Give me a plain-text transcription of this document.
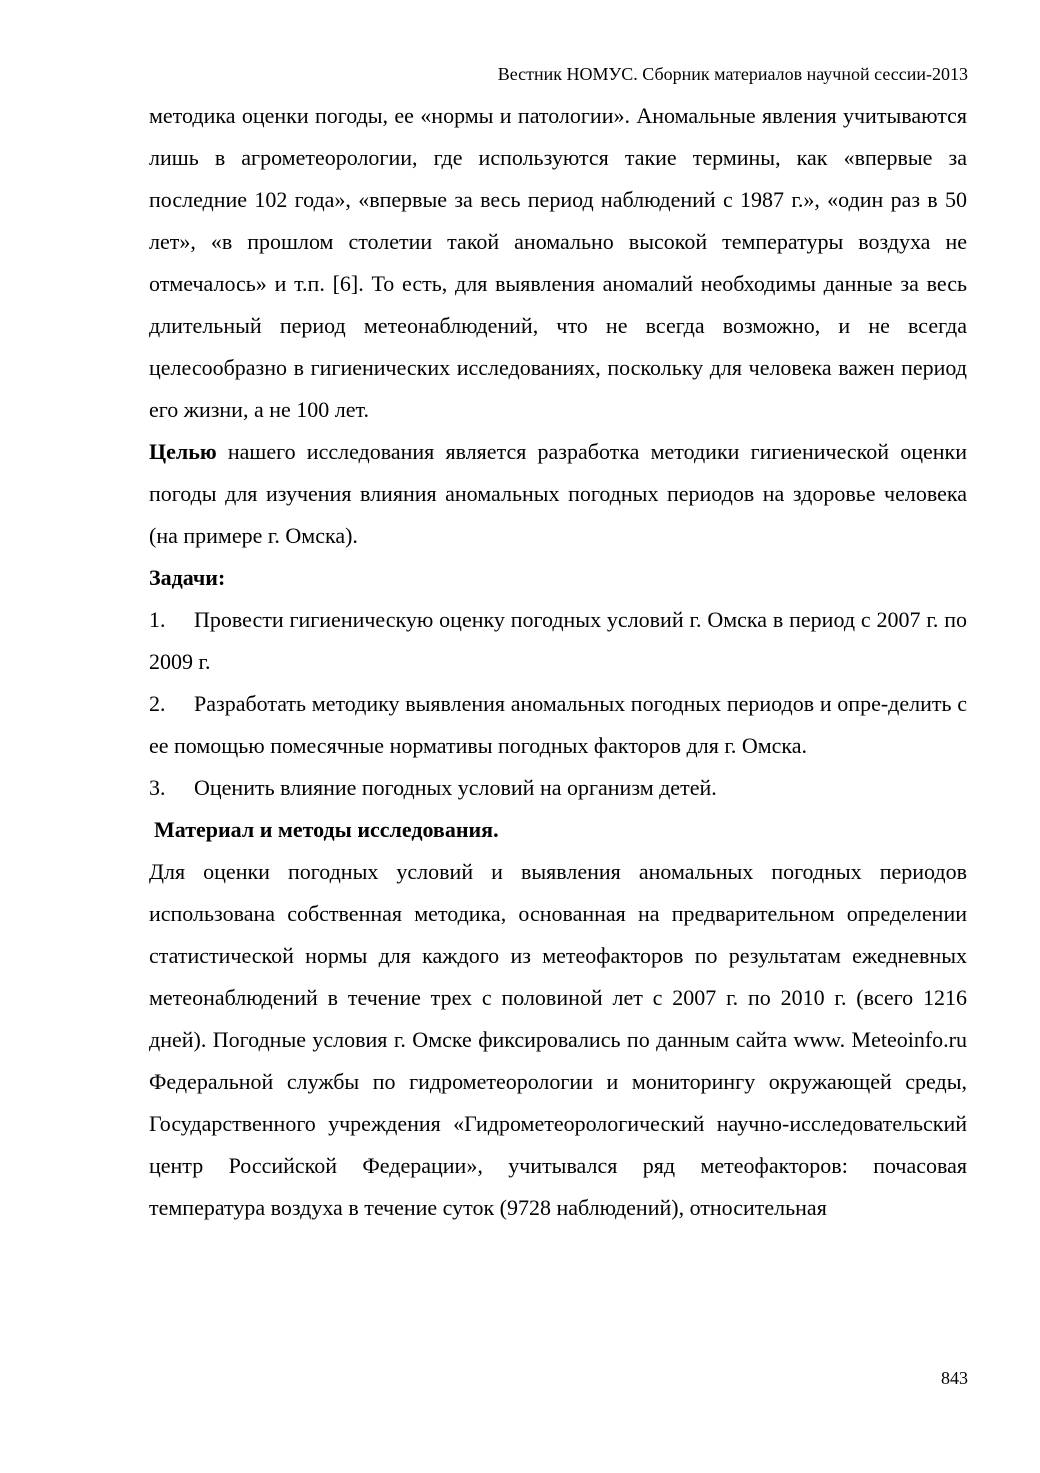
Вестник НОМУС. Сборник материалов научной сессии-2013

методика оценки погоды, ее «нормы и патологии». Аномальные явления учитываются лишь в агрометеорологии, где используются такие термины, как «впервые за последние 102 года», «впервые за весь период наблюдений с 1987 г.», «один раз в 50 лет», «в прошлом столетии такой аномально высокой температуры воздуха не отмечалось» и т.п. [6]. То есть, для выявления аномалий необходимы данные за весь длительный период метеонаблюдений, что не всегда возможно, и не всегда целесообразно в гигиенических исследованиях, поскольку для человека важен период его жизни, а не 100 лет.

Целью нашего исследования является разработка методики гигиенической оценки погоды для изучения влияния аномальных погодных периодов на здоровье человека (на примере г. Омска).

Задачи:

1. Провести гигиеническую оценку погодных условий г. Омска в период с 2007 г. по 2009 г.

2. Разработать методику выявления аномальных погодных периодов и опре-делить с ее помощью помесячные нормативы погодных факторов для г. Омска.

3. Оценить влияние погодных условий на организм детей.

Материал и методы исследования.

Для оценки погодных условий и выявления аномальных погодных периодов использована собственная методика, основанная на предварительном определении статистической нормы для каждого из метеофакторов по результатам ежедневных метеонаблюдений в течение трех с половиной лет с 2007 г. по 2010 г. (всего 1216 дней). Погодные условия г. Омске фиксировались по данным сайта www. Meteoinfo.ru Федеральной службы по гидрометеорологии и мониторингу окружающей среды, Государственного учреждения «Гидрометеорологический научно-исследовательский центр Российской Федерации», учитывался ряд метеофакторов: почасовая температура воздуха в течение суток (9728 наблюдений), относительная

843
